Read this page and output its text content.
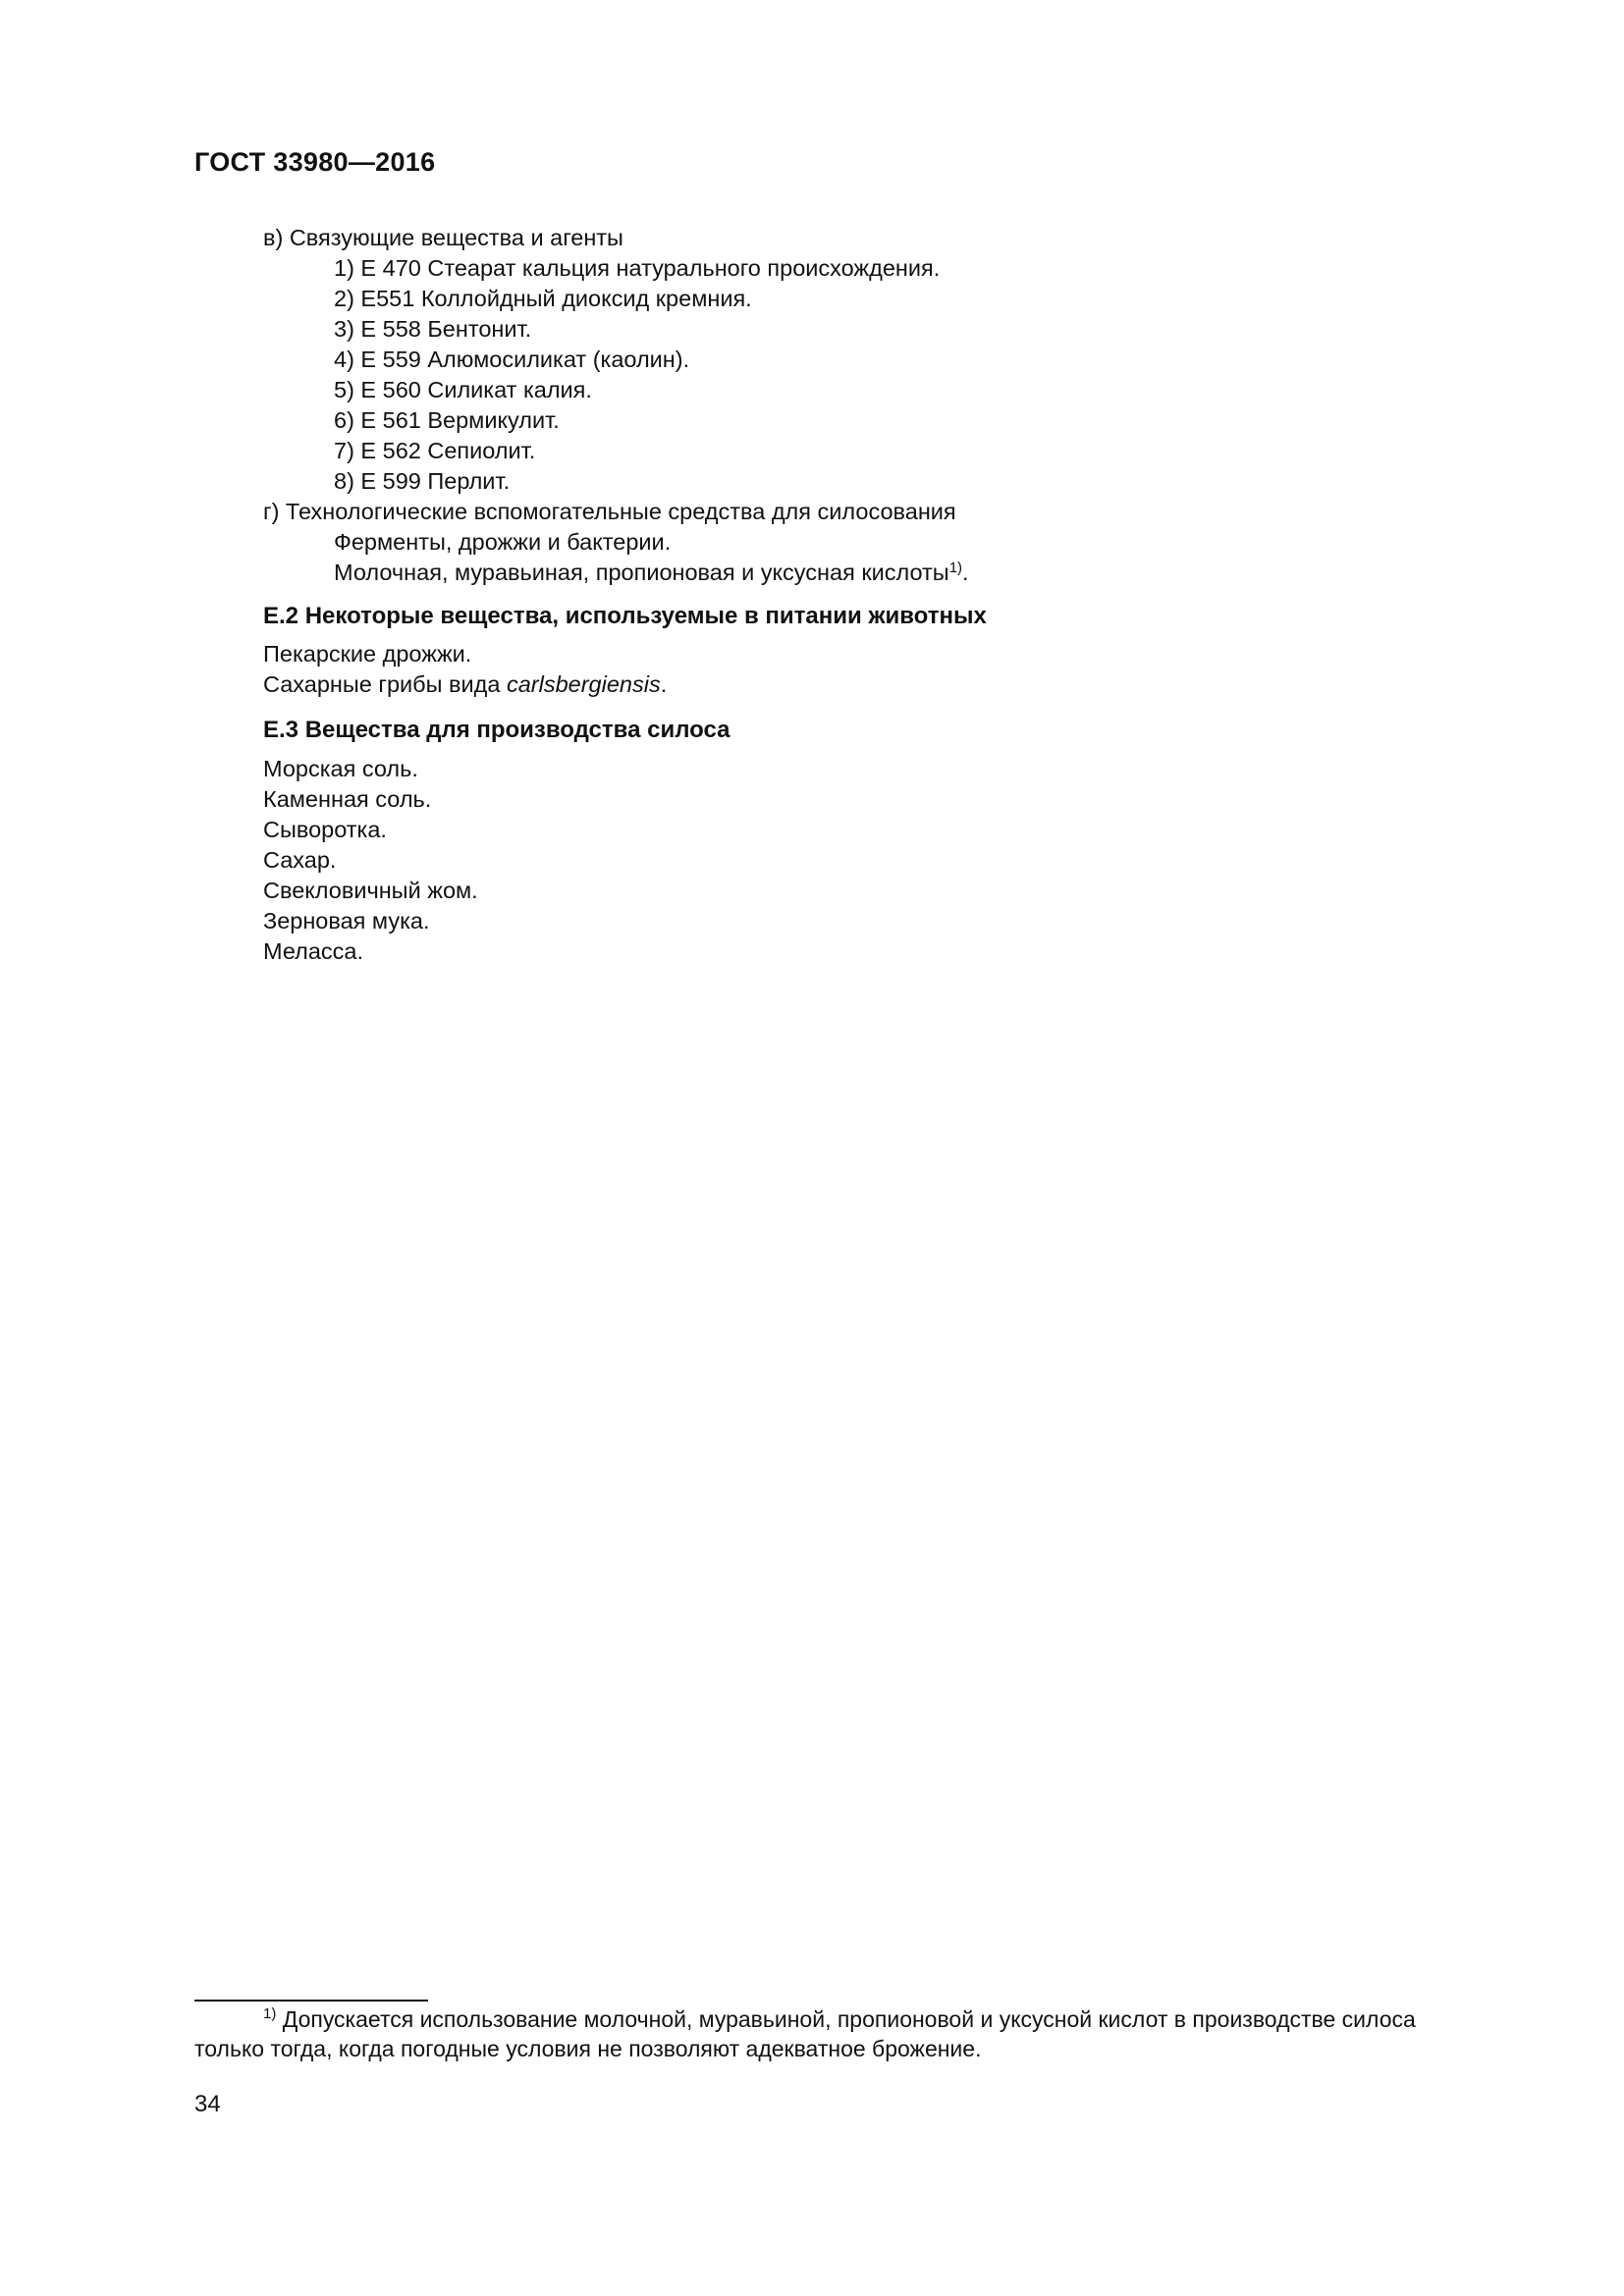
ГОСТ 33980—2016
в) Связующие вещества и агенты
1) Е 470 Стеарат кальция натурального происхождения.
2) Е551 Коллойдный диоксид кремния.
3) Е 558 Бентонит.
4) Е 559 Алюмосиликат (каолин).
5) Е 560 Силикат калия.
6) Е 561 Вермикулит.
7) Е 562 Сепиолит.
8) Е 599 Перлит.
г) Технологические вспомогательные средства для силосования
Ферменты, дрожжи и бактерии.
Молочная, муравьиная, пропионовая и уксусная кислоты$^{1)}$.
Е.2 Некоторые вещества, используемые в питании животных
Пекарские дрожжи.
Сахарные грибы вида carlsbergiensis.
Е.3 Вещества для производства силоса
Морская соль.
Каменная соль.
Сыворотка.
Сахар.
Свекловичный жом.
Зерновая мука.
Меласса.
$^{1)}$ Допускается использование молочной, муравьиной, пропионовой и уксусной кислот в производстве силоса
только тогда, когда погодные условия не позволяют адекватное брожение.
34
